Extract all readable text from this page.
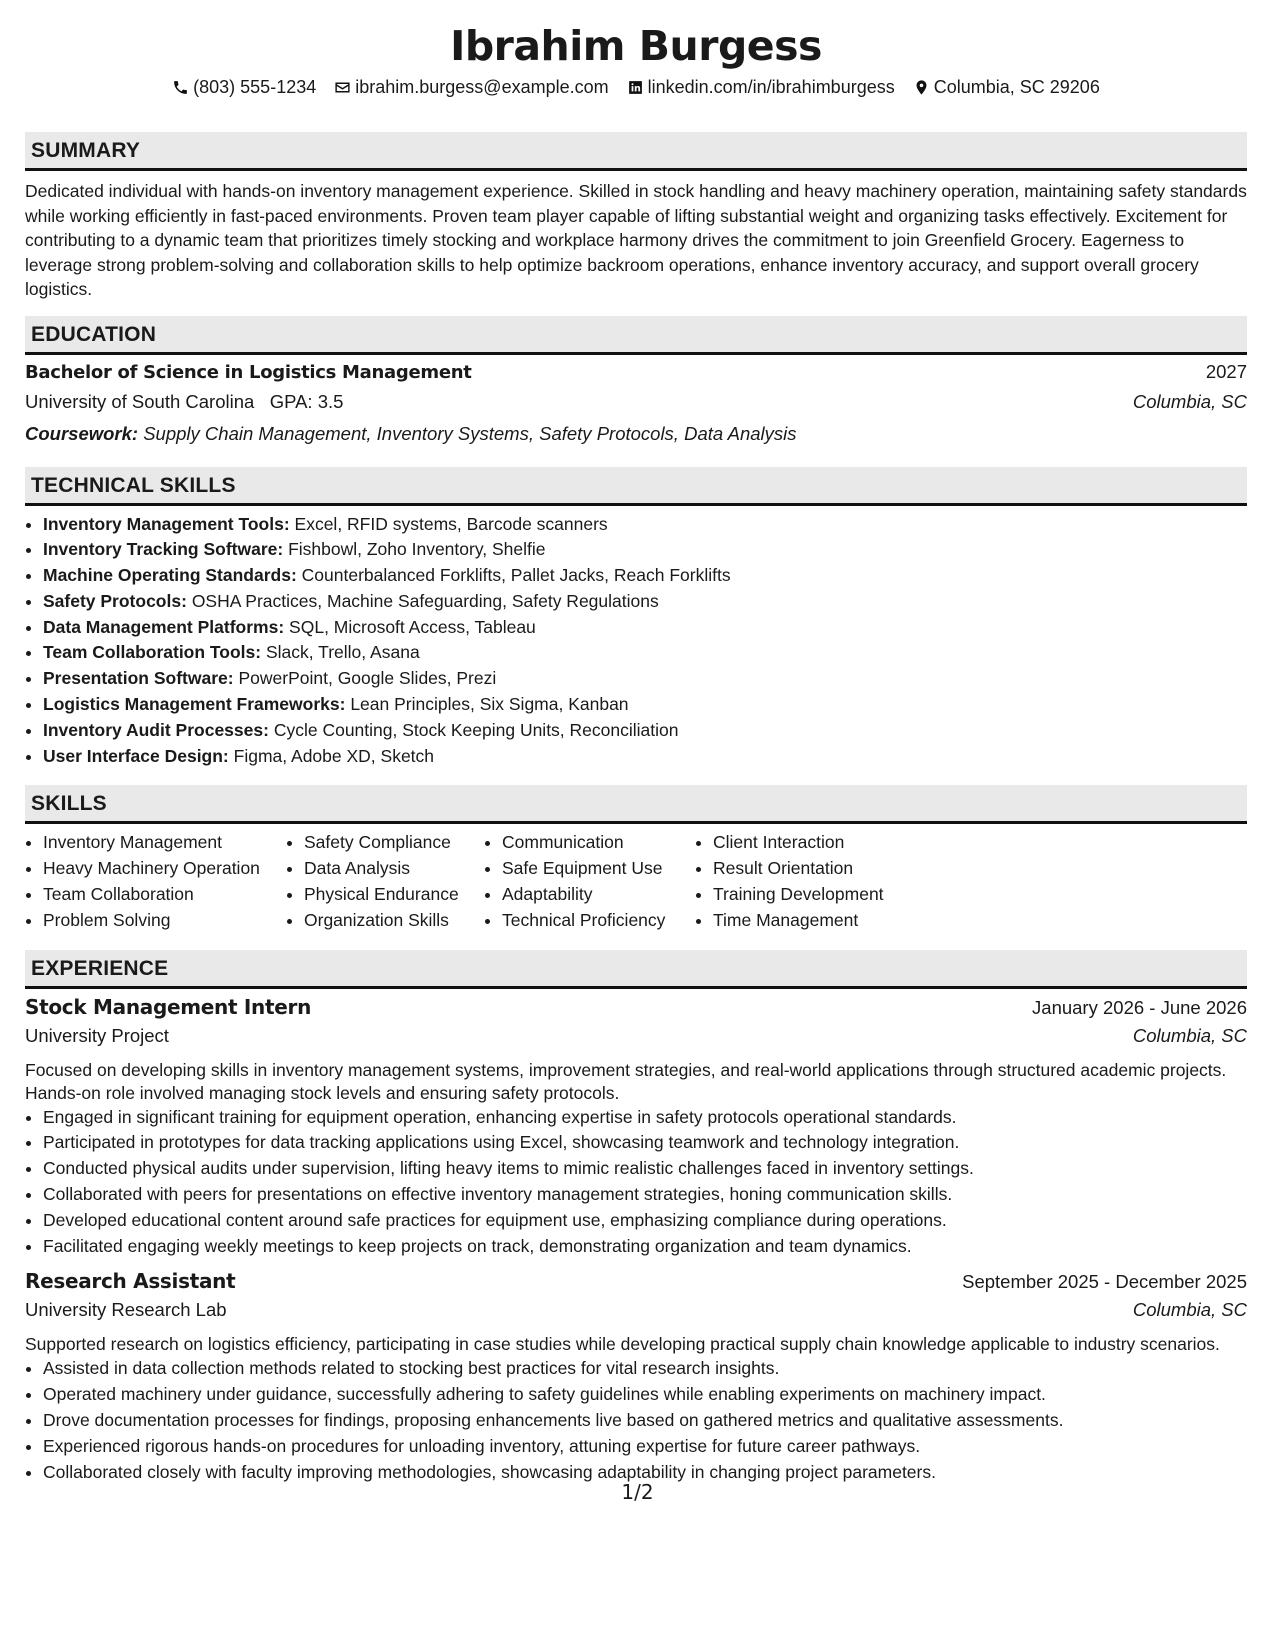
Ibrahim Burgess
(803) 555-1234 ibrahim.burgess@example.com linkedin.com/in/ibrahimburgess Columbia, SC 29206
SUMMARY

Dedicated individual with hands-on inventory management experience. Skilled in stock handling and heavy machinery operation, maintaining safety standards while working efficiently in fast-paced environments. Proven team player capable of lifting substantial weight and organizing tasks effectively. Excitement for contributing to a dynamic team that prioritizes timely stocking and workplace harmony drives the commitment to join Greenfield Grocery. Eagerness to leverage strong problem-solving and collaboration skills to help optimize backroom operations, enhance inventory accuracy, and support overall grocery logistics.

EDUCATION
Bachelor of Science in Logistics Management	2027
University of South Carolina GPA: 3.5	Columbia, SC
Coursework: Supply Chain Management, Inventory Systems, Safety Protocols, Data Analysis
TECHNICAL SKILLS
• Inventory Management Tools: Excel, RFID systems, Barcode scanners
• Inventory Tracking Software: Fishbowl, Zoho Inventory, Shelfie
• Machine Operating Standards: Counterbalanced Forklifts, Pallet Jacks, Reach Forklifts
• Safety Protocols: OSHA Practices, Machine Safeguarding, Safety Regulations
• Data Management Platforms: SQL, Microsoft Access, Tableau
• Team Collaboration Tools: Slack, Trello, Asana
• Presentation Software: PowerPoint, Google Slides, Prezi
• Logistics Management Frameworks: Lean Principles, Six Sigma, Kanban
• Inventory Audit Processes: Cycle Counting, Stock Keeping Units, Reconciliation
• User Interface Design: Figma, Adobe XD, Sketch
SKILLS
• Inventory Management
• Heavy Machinery Operation
• Team Collaboration
• Problem Solving
• Safety Compliance
• Data Analysis
• Physical Endurance
• Organization Skills
• Communication
• Safe Equipment Use
• Adaptability
• Technical Proficiency
• Client Interaction
• Result Orientation
• Training Development
• Time Management
EXPERIENCE
Stock Management Intern	January 2026 - June 2026
University Project	Columbia, SC

Focused on developing skills in inventory management systems, improvement strategies, and real-world applications through structured academic projects. Hands-on role involved managing stock levels and ensuring safety protocols.

• Engaged in significant training for equipment operation, enhancing expertise in safety protocols operational standards.
• Participated in prototypes for data tracking applications using Excel, showcasing teamwork and technology integration.
• Conducted physical audits under supervision, lifting heavy items to mimic realistic challenges faced in inventory settings.
• Collaborated with peers for presentations on effective inventory management strategies, honing communication skills.
• Developed educational content around safe practices for equipment use, emphasizing compliance during operations.
• Facilitated engaging weekly meetings to keep projects on track, demonstrating organization and team dynamics.
Research Assistant	September 2025 - December 2025
University Research Lab	Columbia, SC

Supported research on logistics efficiency, participating in case studies while developing practical supply chain knowledge applicable to industry scenarios.

• Assisted in data collection methods related to stocking best practices for vital research insights.
• Operated machinery under guidance, successfully adhering to safety guidelines while enabling experiments on machinery impact.
• Drove documentation processes for findings, proposing enhancements live based on gathered metrics and qualitative assessments.
• Experienced rigorous hands-on procedures for unloading inventory, attuning expertise for future career pathways.
• Collaborated closely with faculty improving methodologies, showcasing adaptability in changing project parameters.
1/2
